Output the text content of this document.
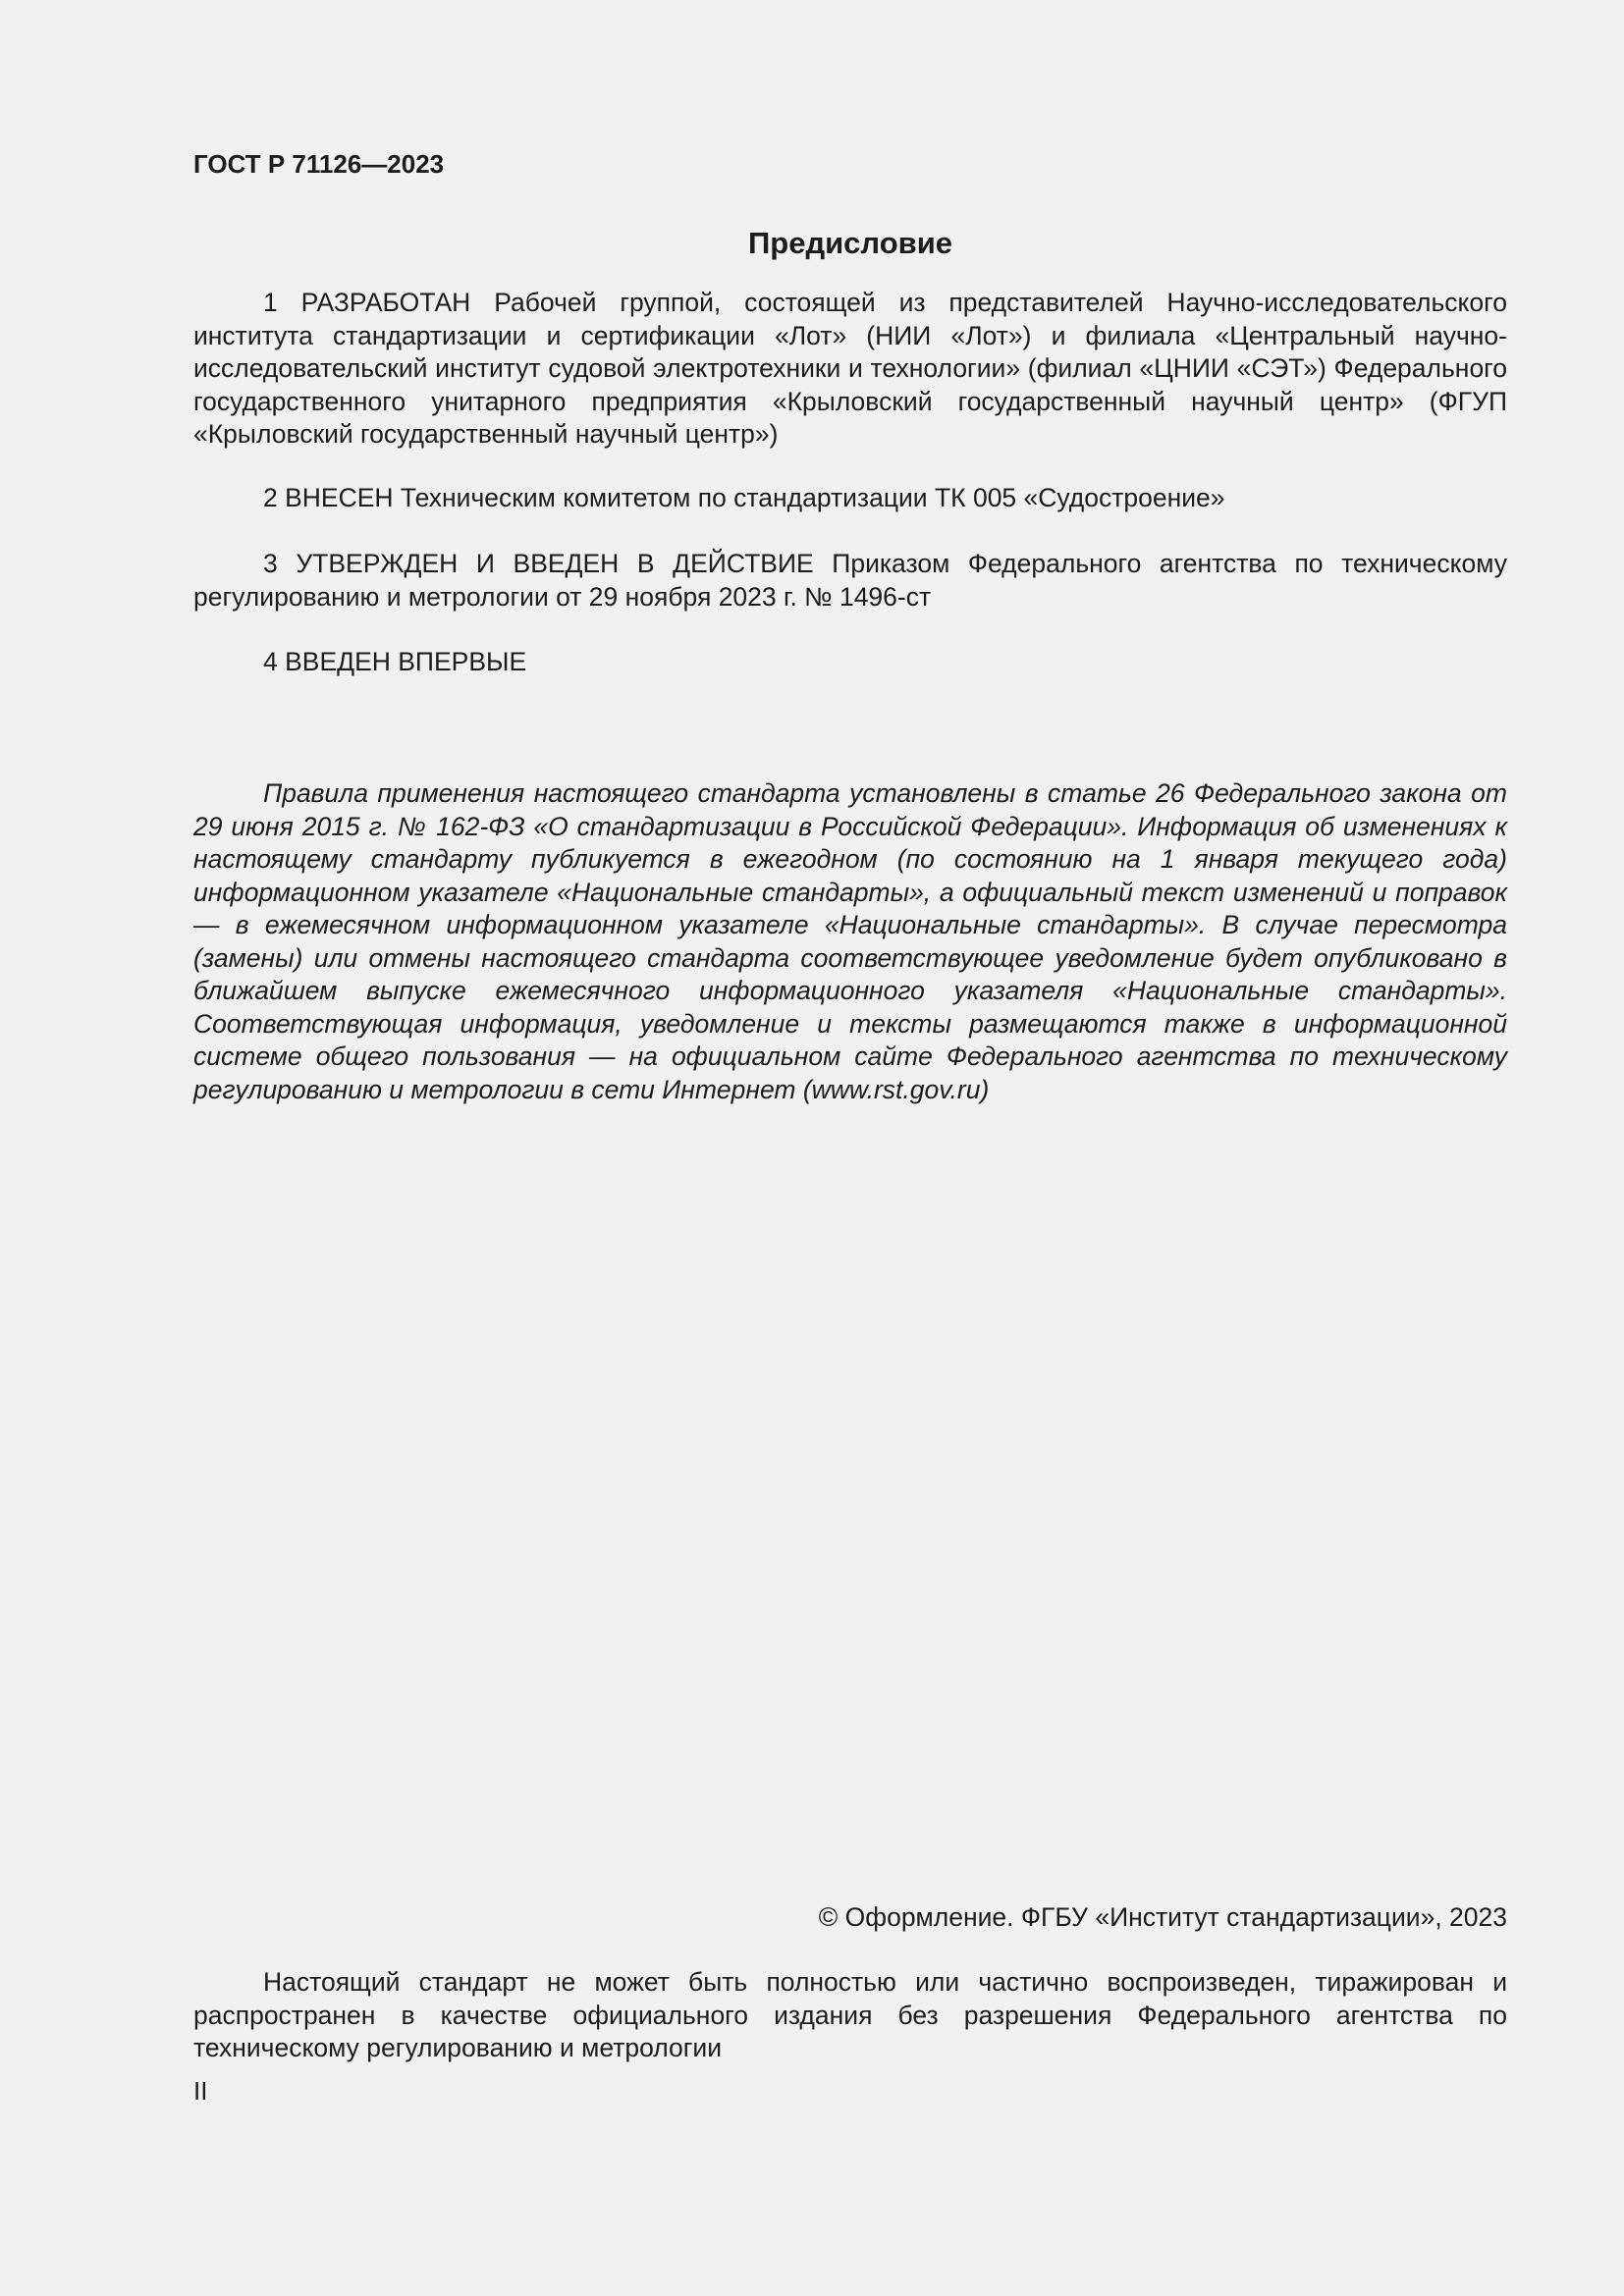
ГОСТ Р 71126—2023
Предисловие

1 РАЗРАБОТАН Рабочей группой, состоящей из представителей Научно-исследовательского института стандартизации и сертификации «Лот» (НИИ «Лот») и филиала «Центральный научно-исследовательский институт судовой электротехники и технологии» (филиал «ЦНИИ «СЭТ») Федерального государственного унитарного предприятия «Крыловский государственный научный центр» (ФГУП «Крыловский государственный научный центр»)

2 ВНЕСЕН Техническим комитетом по стандартизации ТК 005 «Судостроение»

3 УТВЕРЖДЕН И ВВЕДЕН В ДЕЙСТВИЕ Приказом Федерального агентства по техническому регулированию и метрологии от 29 ноября 2023 г. № 1496-ст

4 ВВЕДЕН ВПЕРВЫЕ

Правила применения настоящего стандарта установлены в статье 26 Федерального закона от 29 июня 2015 г. № 162-ФЗ «О стандартизации в Российской Федерации». Информация об изменениях к настоящему стандарту публикуется в ежегодном (по состоянию на 1 января текущего года) информационном указателе «Национальные стандарты», а официальный текст изменений и поправок — в ежемесячном информационном указателе «Национальные стандарты». В случае пересмотра (замены) или отмены настоящего стандарта соответствующее уведомление будет опубликовано в ближайшем выпуске ежемесячного информационного указателя «Национальные стандарты». Соответствующая информация, уведомление и тексты размещаются также в информационной системе общего пользования — на официальном сайте Федерального агентства по техническому регулированию и метрологии в сети Интернет (www.rst.gov.ru)

© Оформление. ФГБУ «Институт стандартизации», 2023

Настоящий стандарт не может быть полностью или частично воспроизведен, тиражирован и распространен в качестве официального издания без разрешения Федерального агентства по техническому регулированию и метрологии

II
